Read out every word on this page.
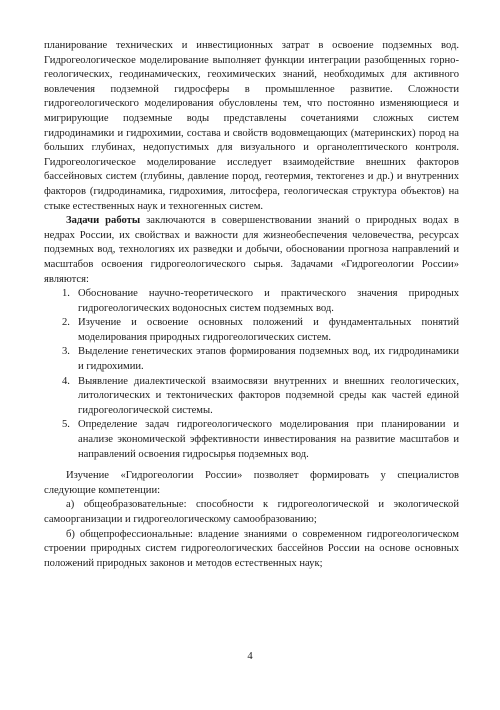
планирование технических и инвестиционных затрат в освоение подземных вод. Гидрогеологическое моделирование выполняет функции интеграции разобщенных горно-геологических, геодинамических, геохимических знаний, необходимых для активного вовлечения подземной гидросферы в промышленное развитие. Сложности гидрогеологического моделирования обусловлены тем, что постоянно изменяющиеся и мигрирующие подземные воды представлены сочетаниями сложных систем гидродинамики и гидрохимии, состава и свойств водовмещающих (материнских) пород на больших глубинах, недопустимых для визуального и органолептического контроля. Гидрогеологическое моделирование исследует взаимодействие внешних факторов бассейновых систем (глубины, давление пород, геотермия, тектогенез и др.) и внутренних факторов (гидродинамика, гидрохимия, литосфера, геологическая структура объектов) на стыке естественных наук и техногенных систем.

Задачи работы заключаются в совершенствовании знаний о природных водах в недрах России, их свойствах и важности для жизнеобеспечения человечества, ресурсах подземных вод, технологиях их разведки и добычи, обосновании прогноза направлений и масштабов освоения гидрогеологического сырья. Задачами «Гидрогеологии России» являются:

1. Обоснование научно-теоретического и практического значения природных гидрогеологических водоносных систем подземных вод.
2. Изучение и освоение основных положений и фундаментальных понятий моделирования природных гидрогеологических систем.
3. Выделение генетических этапов формирования подземных вод, их гидродинамики и гидрохимии.
4. Выявление диалектической взаимосвязи внутренних и внешних геологических, литологических и тектонических факторов подземной среды как частей единой гидрогеологической системы.
5. Определение задач гидрогеологического моделирования при планировании и анализе экономической эффективности инвестирования на развитие масштабов и направлений освоения гидросырья подземных вод.

Изучение «Гидрогеологии России» позволяет формировать у специалистов следующие компетенции:

а) общеобразовательные: способности к гидрогеологической и экологической самоорганизации и гидрогеологическому самообразованию;

б) общепрофессиональные: владение знаниями о современном гидрогеологическом строении природных систем гидрогеологических бассейнов России на основе основных положений природных законов и методов естественных наук;

4
